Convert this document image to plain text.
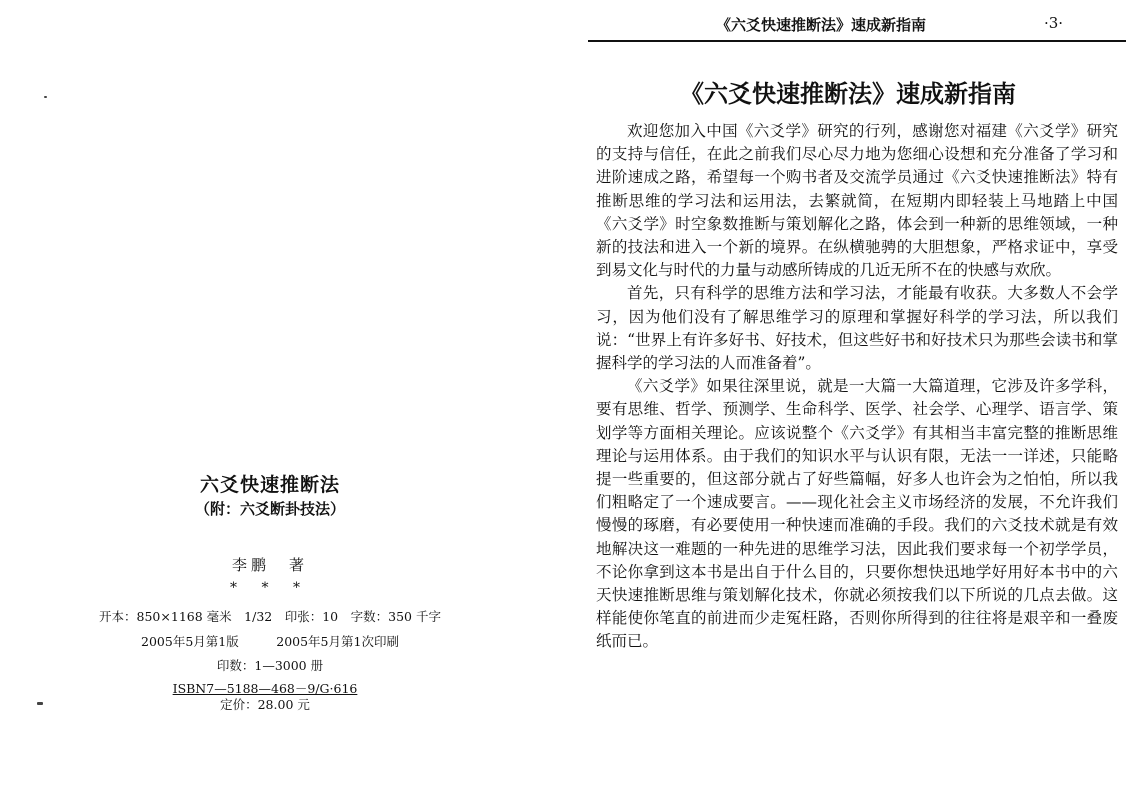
六爻快速推断法
（附：六爻断卦技法）
李鹏　著
* * *
开本：850×1168 毫米　1/32　印张：10　字数：350 千字
2005年5月第1版　　　2005年5月第1次印刷
印数：1—3000 册
ISBN7—5188—468－9/G·616
定价：28.00 元
《六爻快速推断法》速成新指南	·3·
《六爻快速推断法》速成新指南

欢迎您加入中国《六爻学》研究的行列，感谢您对福建《六爻学》研究的支持与信任，在此之前我们尽心尽力地为您细心设想和充分准备了学习和进阶速成之路，希望每一个购书者及交流学员通过《六爻快速推断法》特有推断思维的学习法和运用法，去繁就简，在短期内即轻装上马地踏上中国《六爻学》时空象数推断与策划解化之路，体会到一种新的思维领域，一种新的技法和进入一个新的境界。在纵横驰骋的大胆想象，严格求证中，享受到易文化与时代的力量与动感所铸成的几近无所不在的快感与欢欣。

首先，只有科学的思维方法和学习法，才能最有收获。大多数人不会学习，因为他们没有了解思维学习的原理和掌握好科学的学习法，所以我们说：“世界上有许多好书、好技术，但这些好书和好技术只为那些会读书和掌握科学的学习法的人而准备着”。

《六爻学》如果往深里说，就是一大篇一大篇道理，它涉及许多学科，要有思维、哲学、预测学、生命科学、医学、社会学、心理学、语言学、策划学等方面相关理论。应该说整个《六爻学》有其相当丰富完整的推断思维理论与运用体系。由于我们的知识水平与认识有限，无法一一详述，只能略提一些重要的，但这部分就占了好些篇幅，好多人也许会为之怕怕，所以我们粗略定了一个速成要言。——现化社会主义市场经济的发展，不允许我们慢慢的琢磨，有必要使用一种快速而准确的手段。我们的六爻技术就是有效地解决这一难题的一种先进的思维学习法，因此我们要求每一个初学学员，不论你拿到这本书是出自于什么目的，只要你想快迅地学好用好本书中的六天快速推断思维与策划解化技术，你就必须按我们以下所说的几点去做。这样能使你笔直的前进而少走冤枉路，否则你所得到的往往将是艰辛和一叠废纸而已。
